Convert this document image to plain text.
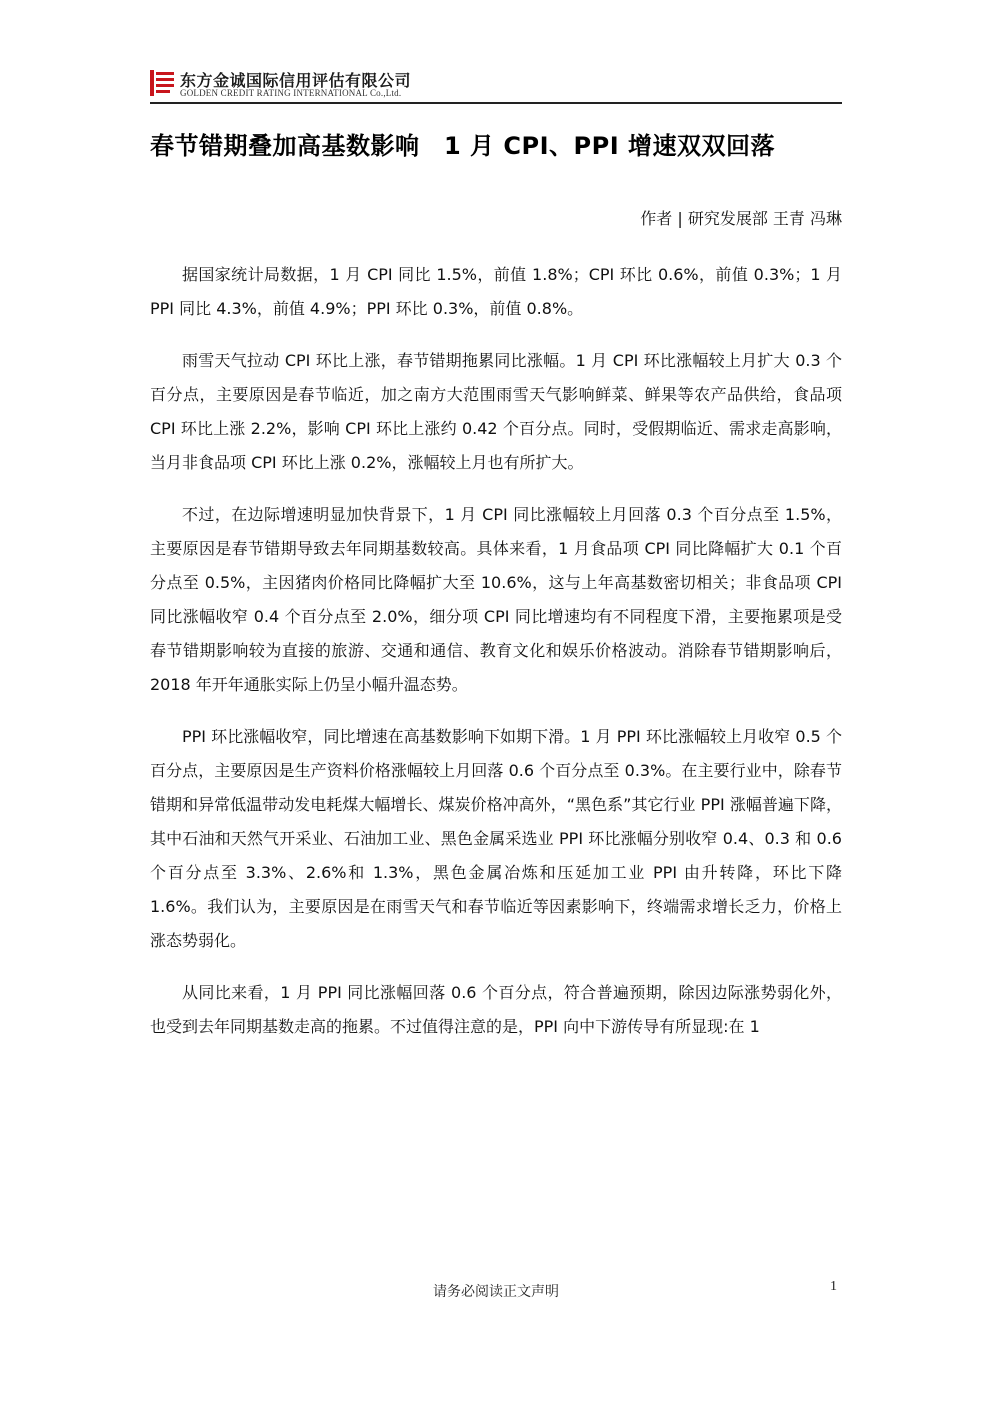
东方金诚国际信用评估有限公司
GOLDEN CREDIT RATING INTERNATIONAL Co.,Ltd.
春节错期叠加高基数影响　1 月 CPI、PPI 增速双双回落
作者 | 研究发展部 王青 冯琳

据国家统计局数据，1 月 CPI 同比 1.5%，前值 1.8%；CPI 环比 0.6%，前值 0.3%；1 月 PPI 同比 4.3%，前值 4.9%；PPI 环比 0.3%，前值 0.8%。

雨雪天气拉动 CPI 环比上涨，春节错期拖累同比涨幅。1 月 CPI 环比涨幅较上月扩大 0.3 个百分点，主要原因是春节临近，加之南方大范围雨雪天气影响鲜菜、鲜果等农产品供给，食品项 CPI 环比上涨 2.2%，影响 CPI 环比上涨约 0.42 个百分点。同时，受假期临近、需求走高影响，当月非食品项 CPI 环比上涨 0.2%，涨幅较上月也有所扩大。

不过，在边际增速明显加快背景下，1 月 CPI 同比涨幅较上月回落 0.3 个百分点至 1.5%，主要原因是春节错期导致去年同期基数较高。具体来看，1 月食品项 CPI 同比降幅扩大 0.1 个百分点至 0.5%，主因猪肉价格同比降幅扩大至 10.6%，这与上年高基数密切相关；非食品项 CPI 同比涨幅收窄 0.4 个百分点至 2.0%，细分项 CPI 同比增速均有不同程度下滑，主要拖累项是受春节错期影响较为直接的旅游、交通和通信、教育文化和娱乐价格波动。消除春节错期影响后，2018 年开年通胀实际上仍呈小幅升温态势。

PPI 环比涨幅收窄，同比增速在高基数影响下如期下滑。1 月 PPI 环比涨幅较上月收窄 0.5 个百分点，主要原因是生产资料价格涨幅较上月回落 0.6 个百分点至 0.3%。在主要行业中，除春节错期和异常低温带动发电耗煤大幅增长、煤炭价格冲高外，“黑色系”其它行业 PPI 涨幅普遍下降，其中石油和天然气开采业、石油加工业、黑色金属采选业 PPI 环比涨幅分别收窄 0.4、0.3 和 0.6 个百分点至 3.3%、2.6%和 1.3%，黑色金属冶炼和压延加工业 PPI 由升转降，环比下降 1.6%。我们认为，主要原因是在雨雪天气和春节临近等因素影响下，终端需求增长乏力，价格上涨态势弱化。

从同比来看，1 月 PPI 同比涨幅回落 0.6 个百分点，符合普遍预期，除因边际涨势弱化外，也受到去年同期基数走高的拖累。不过值得注意的是，PPI 向中下游传导有所显现:在 1

请务必阅读正文声明	1
